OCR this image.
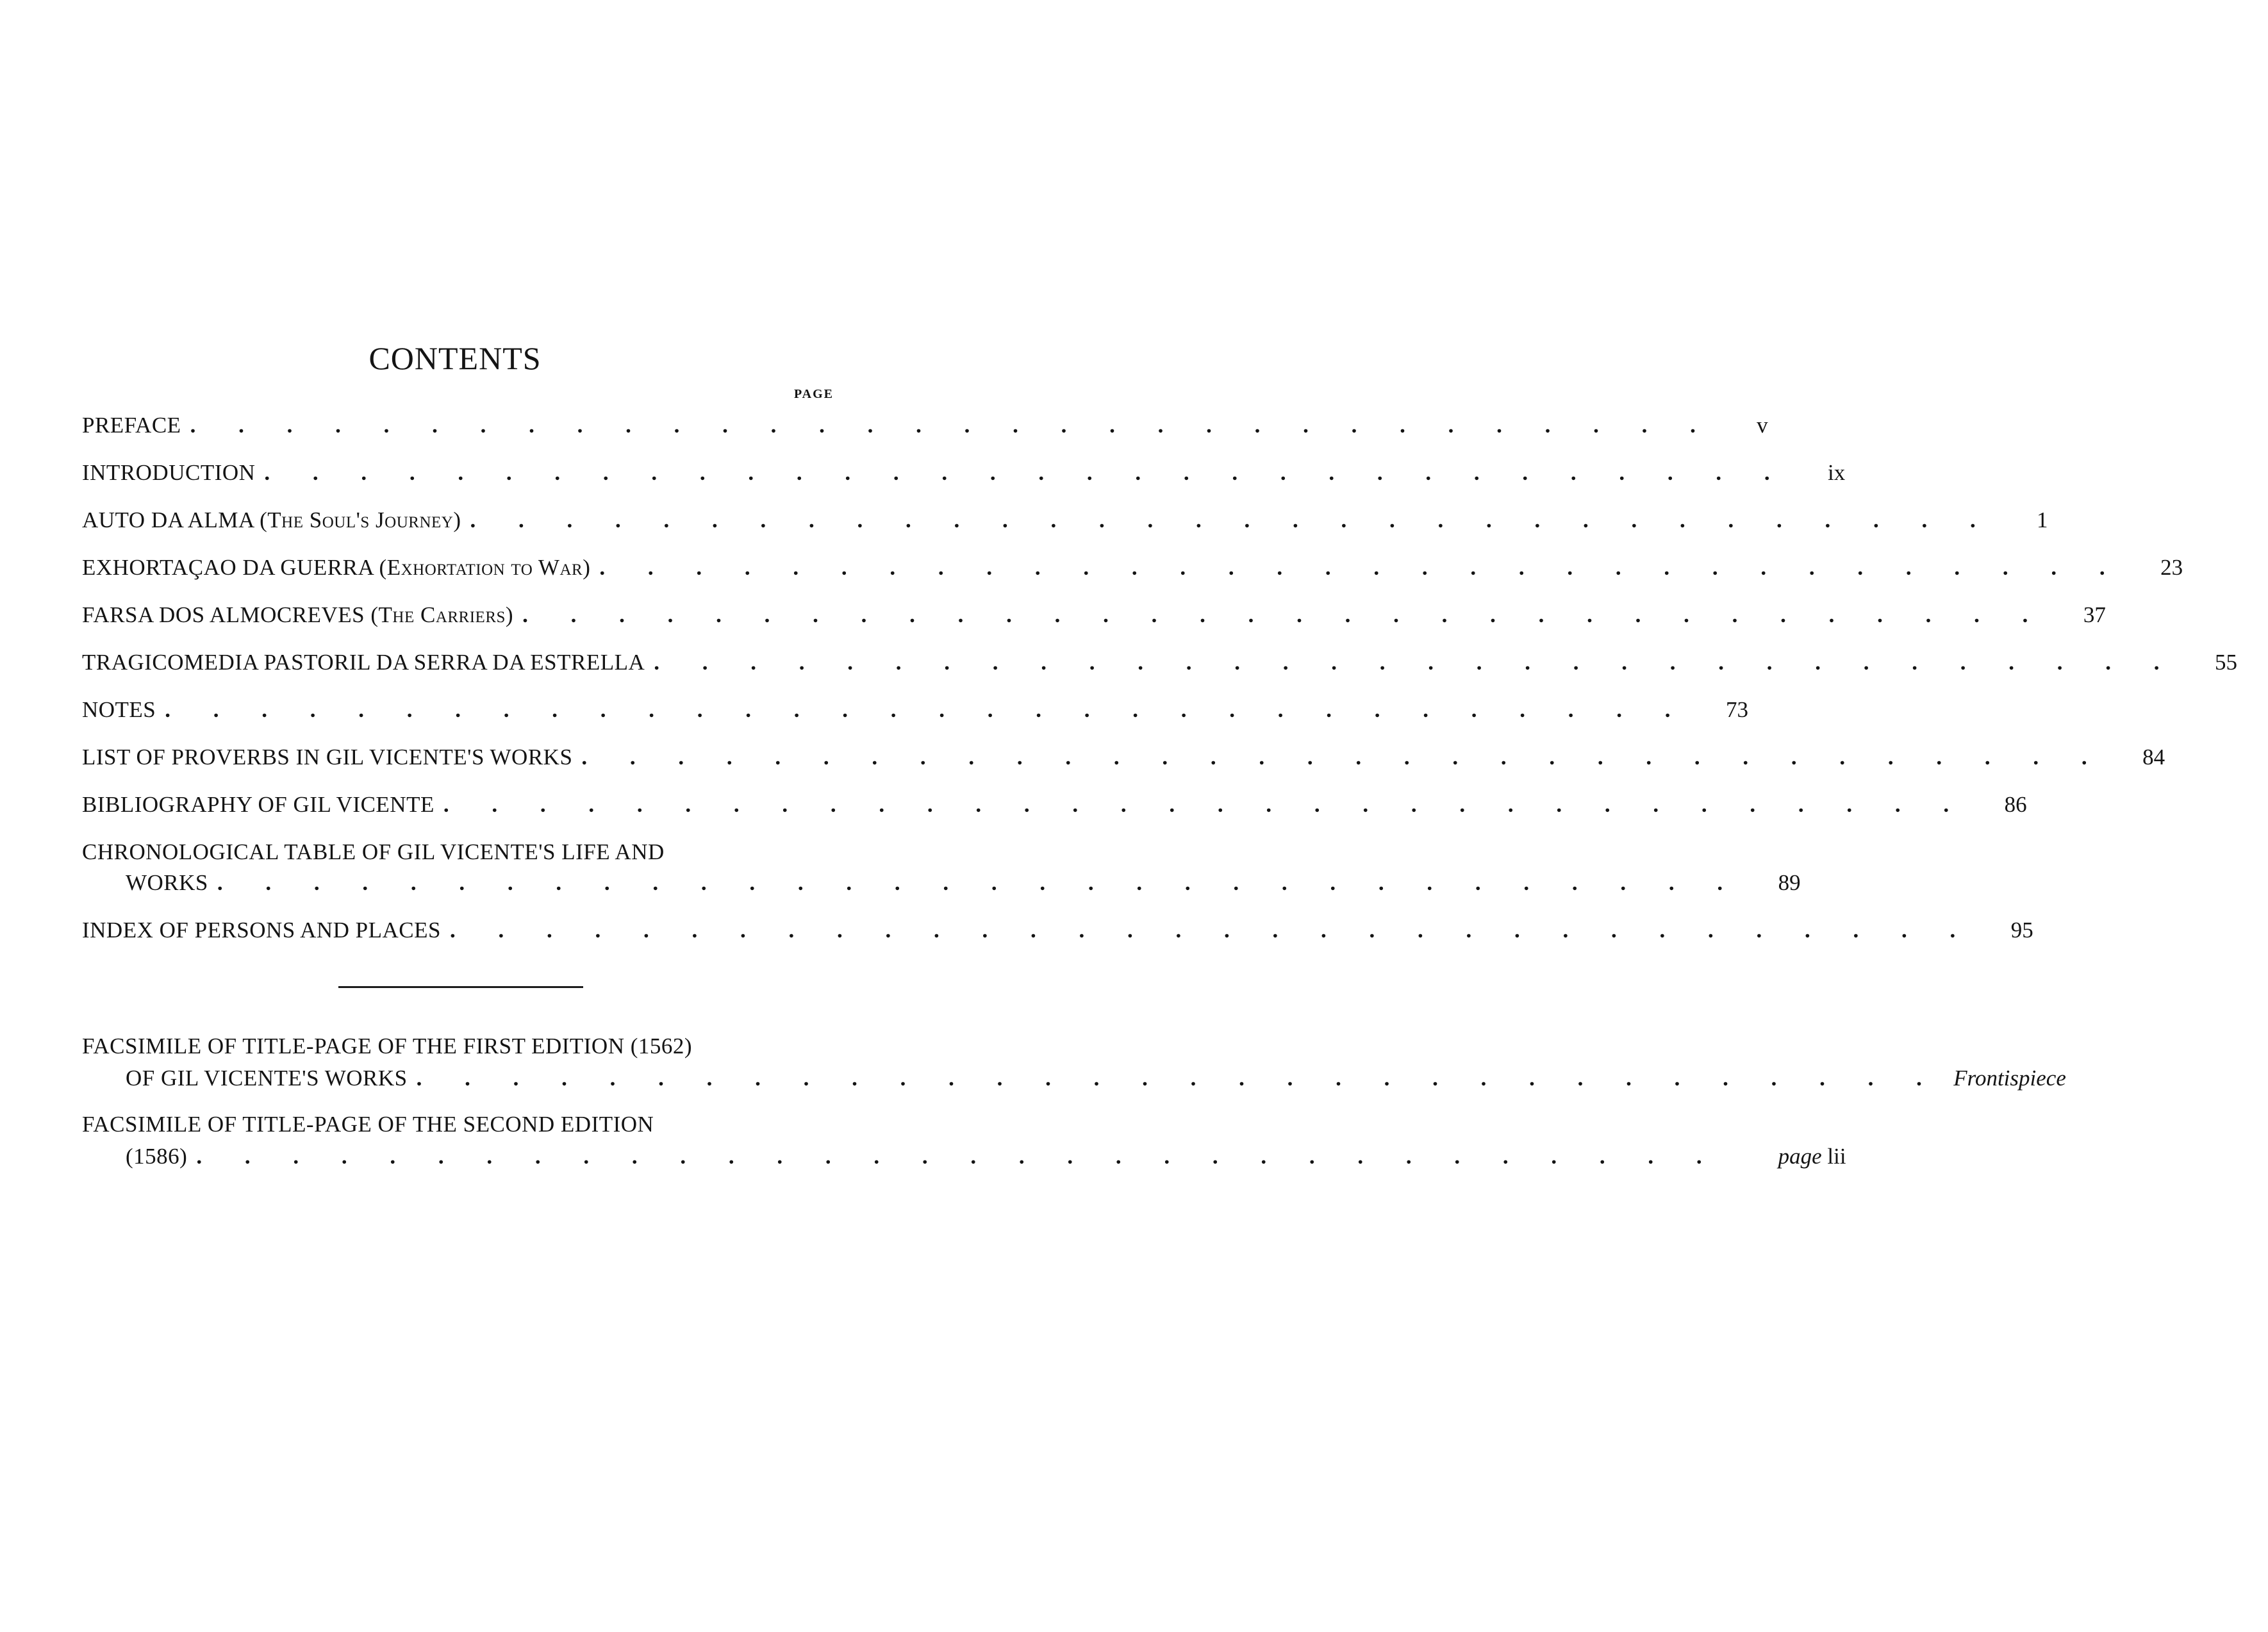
CONTENTS
PAGE
PREFACE . . . . . . . . . . . . . . . . . . . . . . . . . . . . . . . .	v
INTRODUCTION . . . . . . . . . . . . . . . . . . . . . . . . . . . . . . . .	ix
AUTO DA ALMA (The Soul's Journey) . . . . . . . . . . . . . . . . . . . . . . . . . . . . . . . .	1
EXHORTAÇAO DA GUERRA (Exhortation to War) . . . . . . . . . . . . . . . . . . . . . . . . . . . . . . . .	23
FARSA DOS ALMOCREVES (The Carriers) . . . . . . . . . . . . . . . . . . . . . . . . . . . . . . . .	37
TRAGICOMEDIA PASTORIL DA SERRA DA ESTRELLA . . . . . . . . . . . . . . . . . . . . . . . . . . . . . . . .	55
NOTES . . . . . . . . . . . . . . . . . . . . . . . . . . . . . . . .	73
LIST OF PROVERBS IN GIL VICENTE'S WORKS . . . . . . . . . . . . . . . . . . . . . . . . . . . . . . . .	84
BIBLIOGRAPHY OF GIL VICENTE . . . . . . . . . . . . . . . . . . . . . . . . . . . . . . . .	86
CHRONOLOGICAL TABLE OF GIL VICENTE'S LIFE AND
WORKS . . . . . . . . . . . . . . . . . . . . . . . . . . . . . . . .	89
INDEX OF PERSONS AND PLACES . . . . . . . . . . . . . . . . . . . . . . . . . . . . . . . .	95
FACSIMILE OF TITLE-PAGE OF THE FIRST EDITION (1562)
OF GIL VICENTE'S WORKS . . . . . . . . . . . . . . . . . . . . . . . . . . . . . . . . Frontispiece
FACSIMILE OF TITLE-PAGE OF THE SECOND EDITION
(1586) . . . . . . . . . . . . . . . . . . . . . . . . . . . . . . . .	page lii
